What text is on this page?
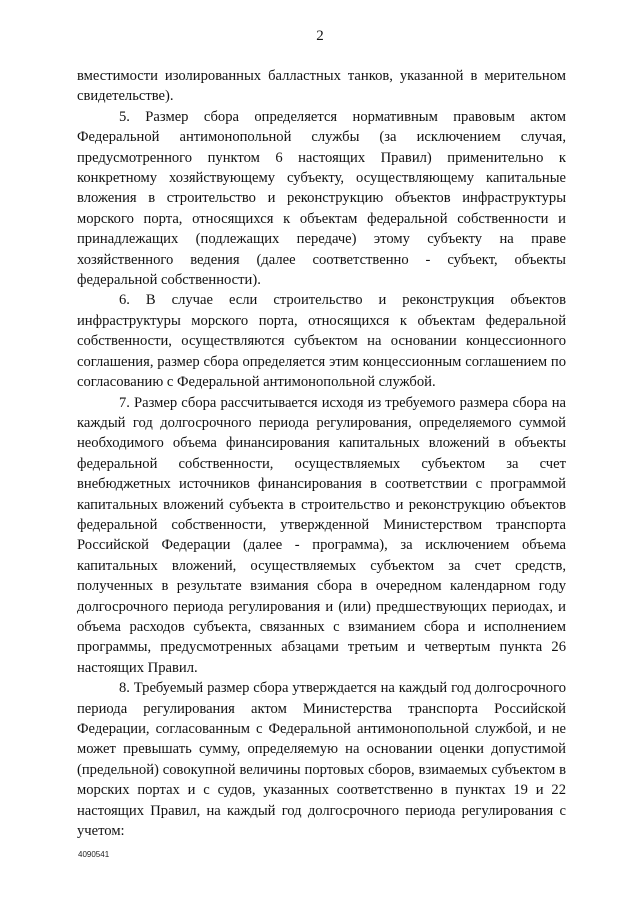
2

вместимости изолированных балластных танков, указанной в мерительном свидетельстве).

5. Размер сбора определяется нормативным правовым актом Федеральной антимонопольной службы (за исключением случая, предусмотренного пунктом 6 настоящих Правил) применительно к конкретному хозяйствующему субъекту, осуществляющему капитальные вложения в строительство и реконструкцию объектов инфраструктуры морского порта, относящихся к объектам федеральной собственности и принадлежащих (подлежащих передаче) этому субъекту на праве хозяйственного ведения (далее соответственно - субъект, объекты федеральной собственности).

6. В случае если строительство и реконструкция объектов инфраструктуры морского порта, относящихся к объектам федеральной собственности, осуществляются субъектом на основании концессионного соглашения, размер сбора определяется этим концессионным соглашением по согласованию с Федеральной антимонопольной службой.

7. Размер сбора рассчитывается исходя из требуемого размера сбора на каждый год долгосрочного периода регулирования, определяемого суммой необходимого объема финансирования капитальных вложений в объекты федеральной собственности, осуществляемых субъектом за счет внебюджетных источников финансирования в соответствии с программой капитальных вложений субъекта в строительство и реконструкцию объектов федеральной собственности, утвержденной Министерством транспорта Российской Федерации (далее - программа), за исключением объема капитальных вложений, осуществляемых субъектом за счет средств, полученных в результате взимания сбора в очередном календарном году долгосрочного периода регулирования и (или) предшествующих периодах, и объема расходов субъекта, связанных с взиманием сбора и исполнением программы, предусмотренных абзацами третьим и четвертым пункта 26 настоящих Правил.

8. Требуемый размер сбора утверждается на каждый год долгосрочного периода регулирования актом Министерства транспорта Российской Федерации, согласованным с Федеральной антимонопольной службой, и не может превышать сумму, определяемую на основании оценки допустимой (предельной) совокупной величины портовых сборов, взимаемых субъектом в морских портах и с судов, указанных соответственно в пунктах 19 и 22 настоящих Правил, на каждый год долгосрочного периода регулирования с учетом:

4090541
